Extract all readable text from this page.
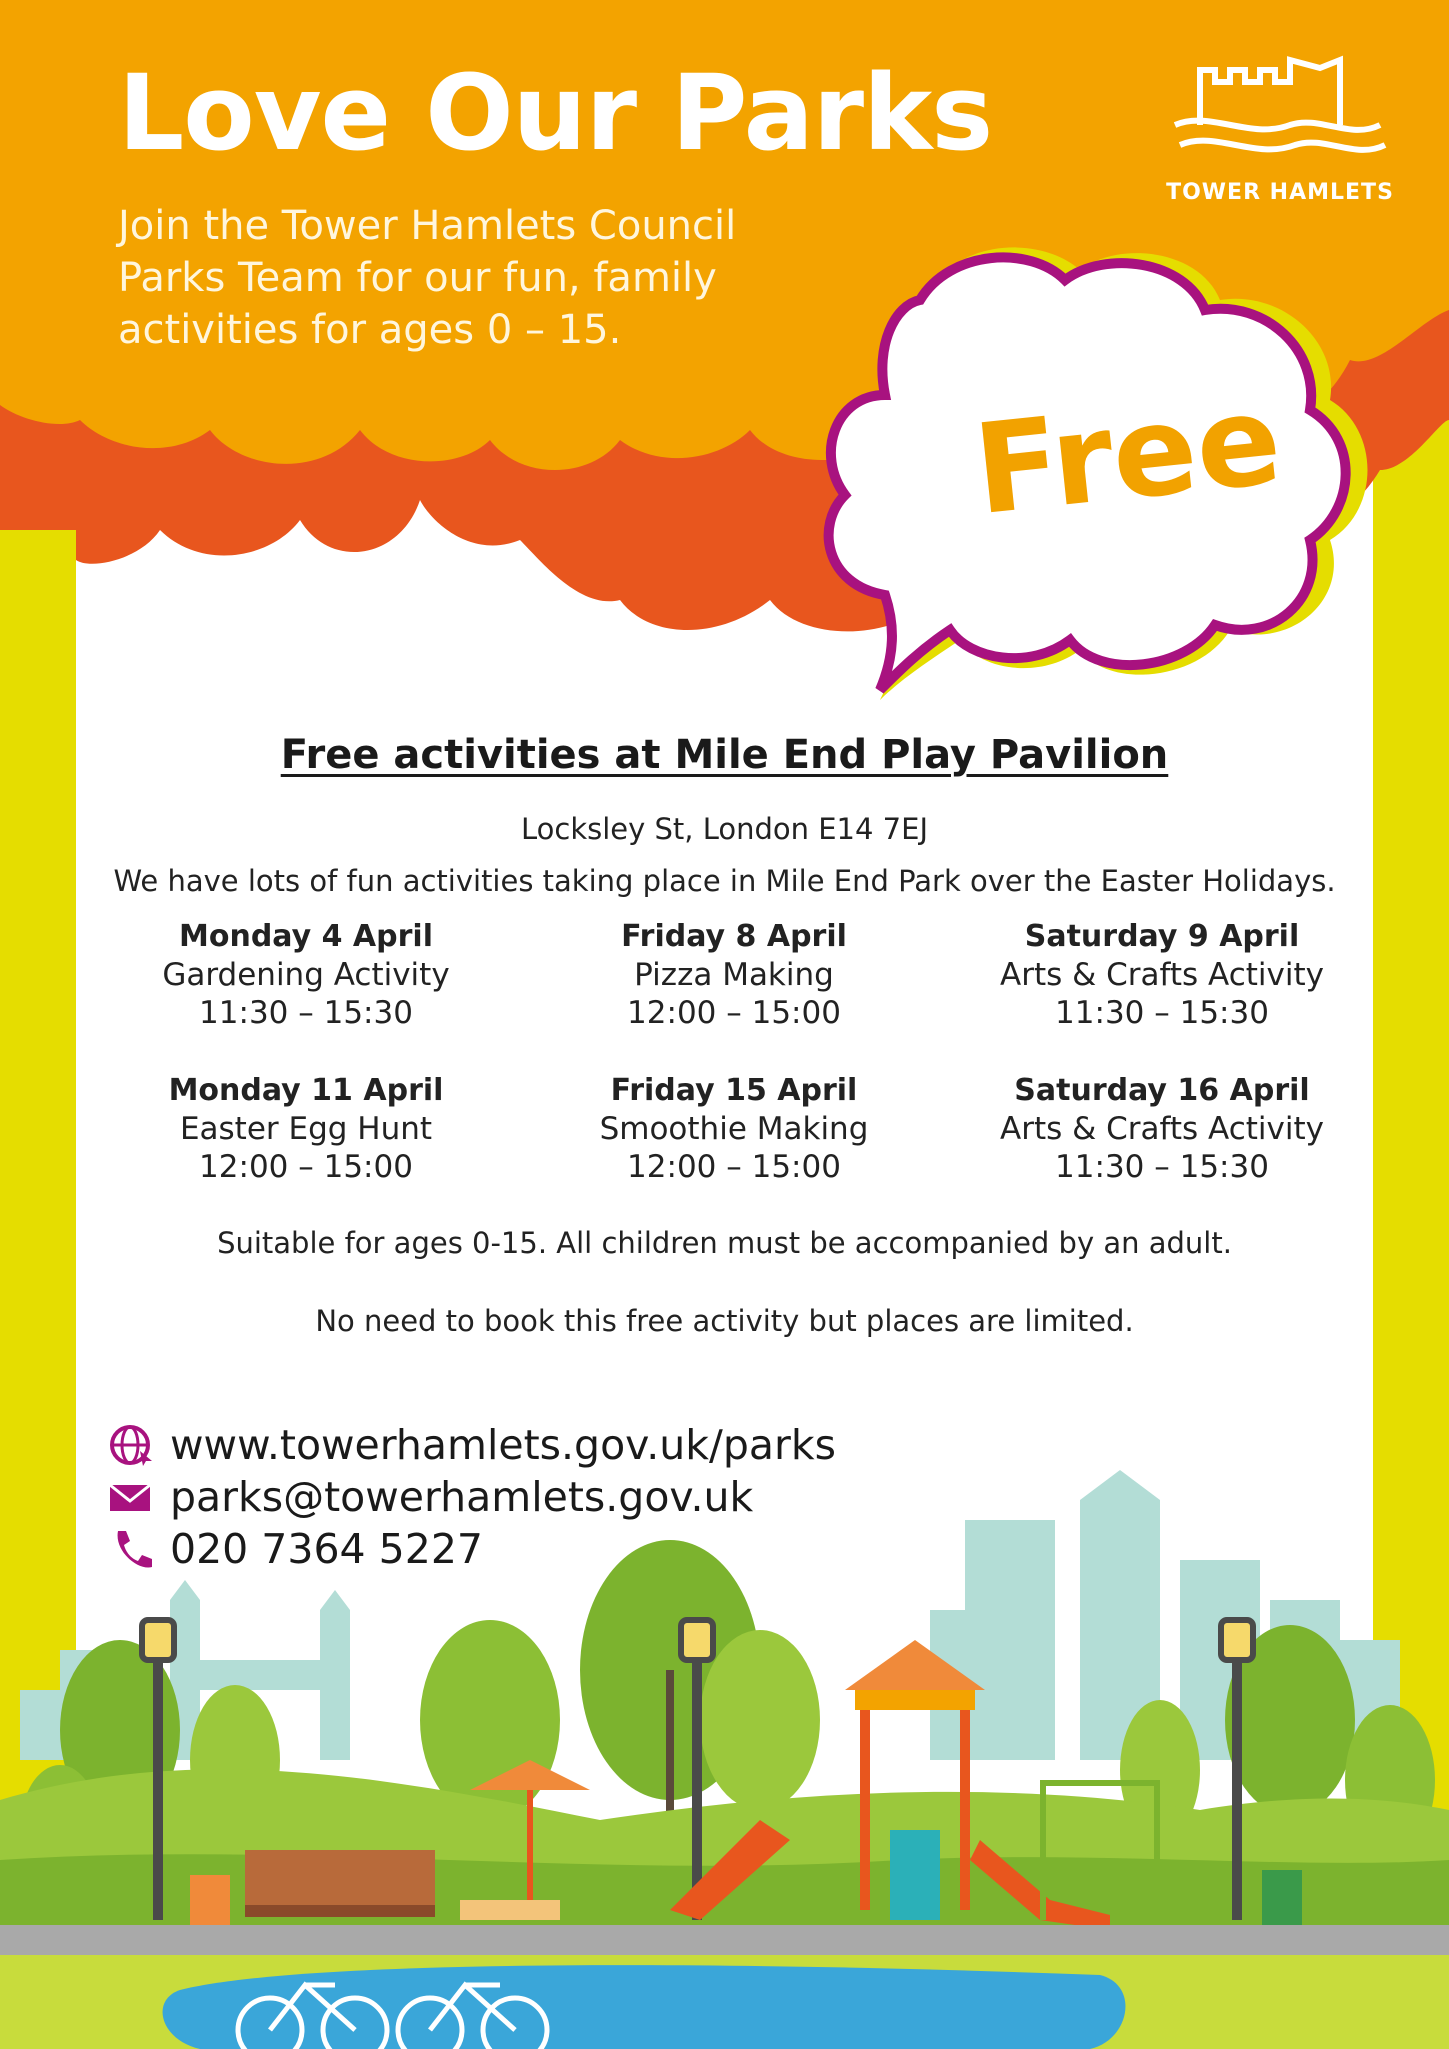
Love Our Parks
Join the Tower Hamlets Council
Parks Team for our fun, family
activities for ages 0 – 15.
TOWER HAMLETS
Free
Free activities at Mile End Play Pavilion
Locksley St, London E14 7EJ
We have lots of fun activities taking place in Mile End Park over the Easter Holidays.
Monday 4 April
Gardening Activity
11:30 – 15:30
Friday 8 April
Pizza Making
12:00 – 15:00
Saturday 9 April
Arts & Crafts Activity
11:30 – 15:30
Monday 11 April
Easter Egg Hunt
12:00 – 15:00
Friday 15 April
Smoothie Making
12:00 – 15:00
Saturday 16 April
Arts & Crafts Activity
11:30 – 15:30
Suitable for ages 0-15. All children must be accompanied by an adult.
No need to book this free activity but places are limited.
www.towerhamlets.gov.uk/parks
parks@towerhamlets.gov.uk
020 7364 5227
